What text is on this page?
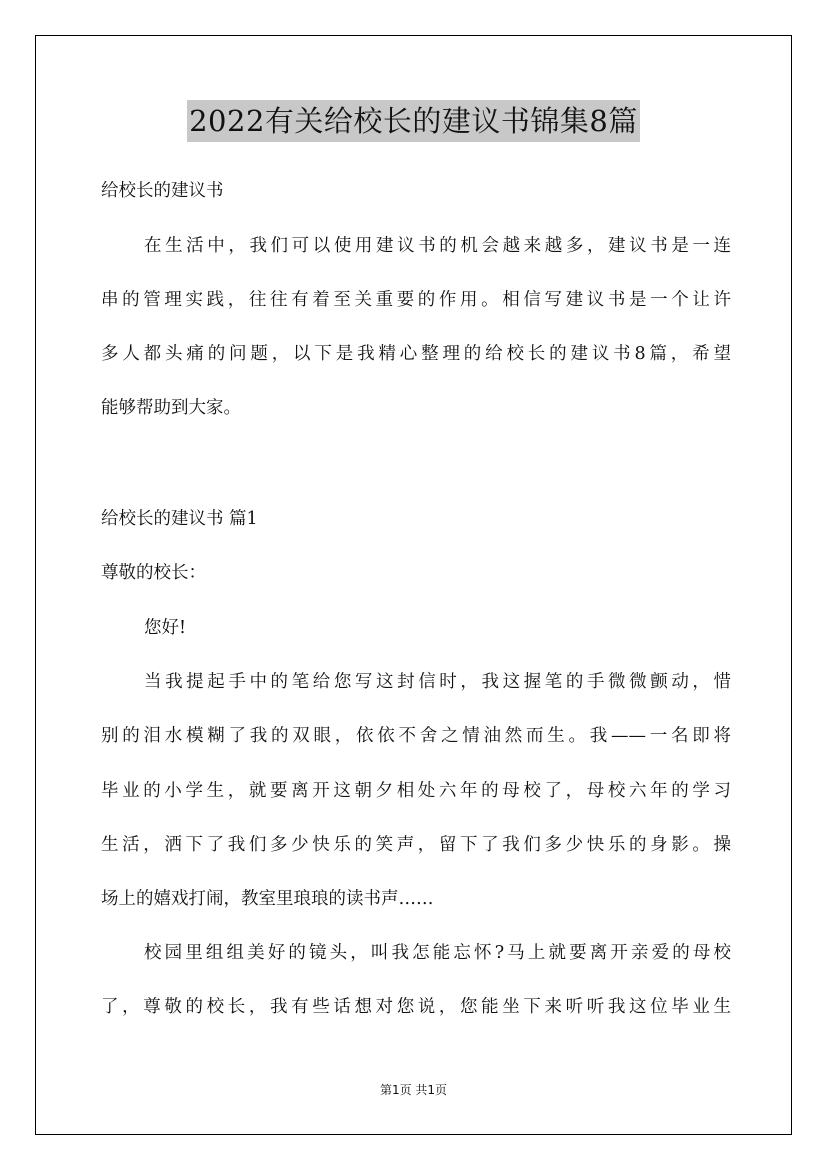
2022有关给校长的建议书锦集8篇
给校长的建议书
在生活中，我们可以使用建议书的机会越来越多，建议书是一连
串的管理实践，往往有着至关重要的作用。相信写建议书是一个让许
多人都头痛的问题，以下是我精心整理的给校长的建议书8篇，希望
能够帮助到大家。
给校长的建议书 篇1
尊敬的校长：
您好!
当我提起手中的笔给您写这封信时，我这握笔的手微微颤动，惜
别的泪水模糊了我的双眼，依依不舍之情油然而生。我——一名即将
毕业的小学生，就要离开这朝夕相处六年的母校了，母校六年的学习
生活，洒下了我们多少快乐的笑声，留下了我们多少快乐的身影。操
场上的嬉戏打闹，教室里琅琅的读书声……
校园里组组美好的镜头，叫我怎能忘怀?马上就要离开亲爱的母校
了，尊敬的校长，我有些话想对您说，您能坐下来听听我这位毕业生
第1页 共1页
